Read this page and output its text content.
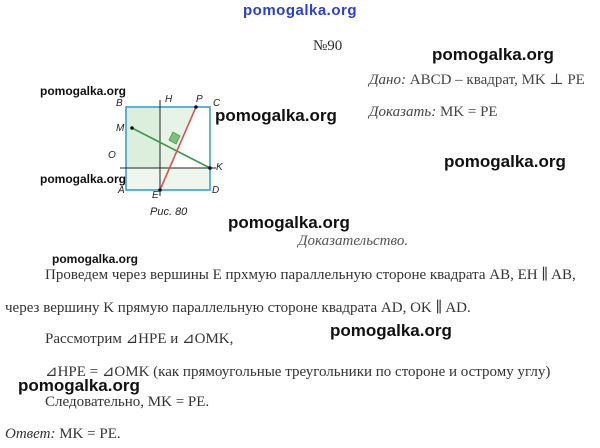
pomogalka.org
№90
Дано: ABCD – квадрат, MK ⊥ PE
Доказать: MK = PE
B	H P C
M
O
K
A	E	D
Рис. 80
pomogalka.org
pomogalka.org
pomogalka.org
pomogalka.org
pomogalka.org
pomogalka.org
pomogalka.org
pomogalka.org
pomogalka.org
Доказательство.
Проведем через вершины E прхмую параллельную стороне квадрата AB, EH ∥ AB,
через вершину K прямую параллельную стороне квадрата AD, OK ∥ AD.
Рассмотрим ⊿HPE и ⊿OMK,
⊿HPE = ⊿OMK (как прямоугольные треугольники по стороне и острому углу)
Следовательно, MK = PE.
Ответ: MK = PE.
